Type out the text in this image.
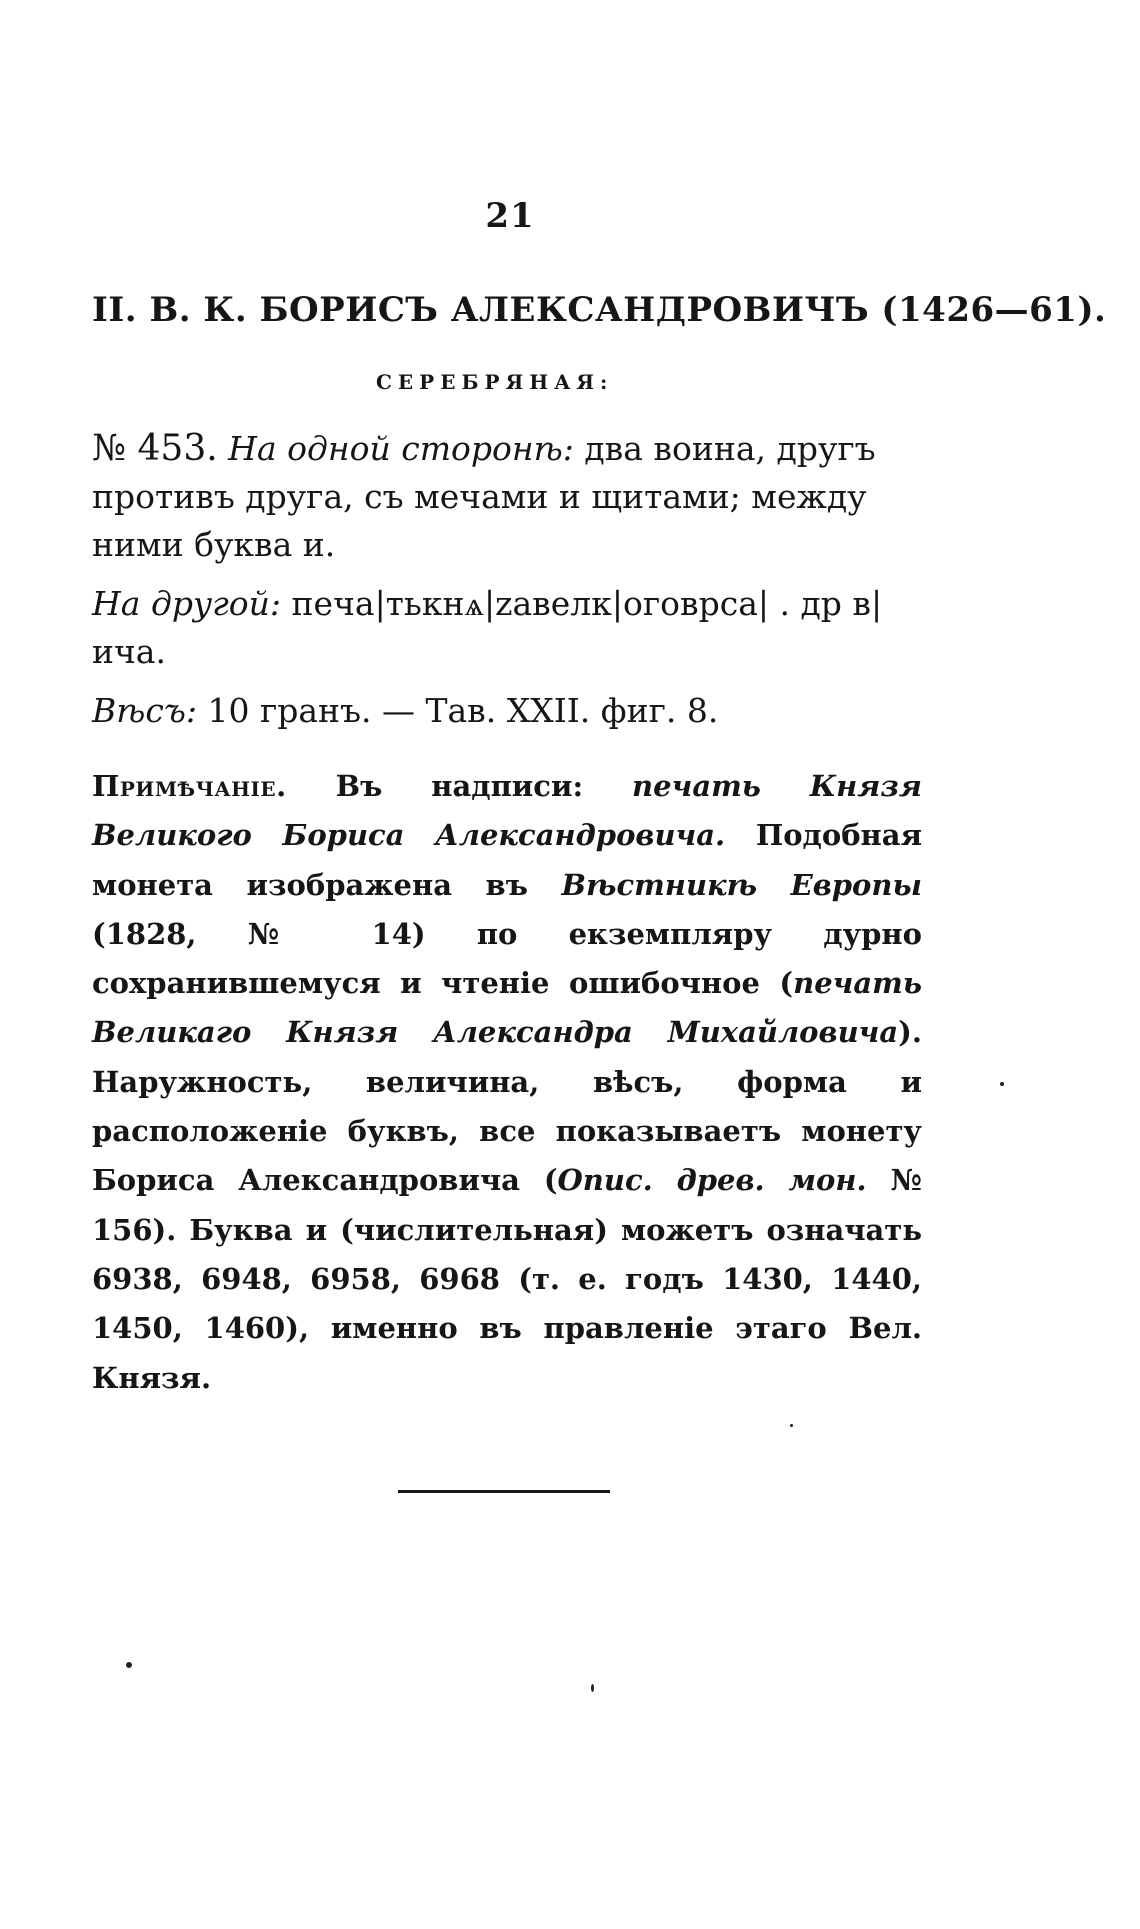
21
II. В. К. БОРИСЪ АЛЕКСАНДРОВИЧЪ (1426—61).
СЕРЕБРЯНАЯ:
№ 453. На одной сторонѣ: два воина, другъ противъ друга, съ мечами и щитами; между ними буква и.
На другой: печа|тькнѧ|zавелк|оговрса| . др в|ича.
Вѣсъ: 10 гранъ. — Тав. XXII. фиг. 8.
Примѣчаніе. Въ надписи: печать Князя Великого Бориса Александровича. Подобная монета изображена въ Вѣстникѣ Европы (1828, № 14) по екземпляру дурно сохранившемуся и чтеніе ошибочное (печать Великаго Князя Александра Михайловича). Наружность, величина, вѣсъ, форма и расположеніе буквъ, все показываетъ монету Бориса Александровича (Опис. древ. мон. № 156). Буква и (числительная) можетъ означать 6938, 6948, 6958, 6968 (т. е. годъ 1430, 1440, 1450, 1460), именно въ правленіе этаго Вел. Князя.
